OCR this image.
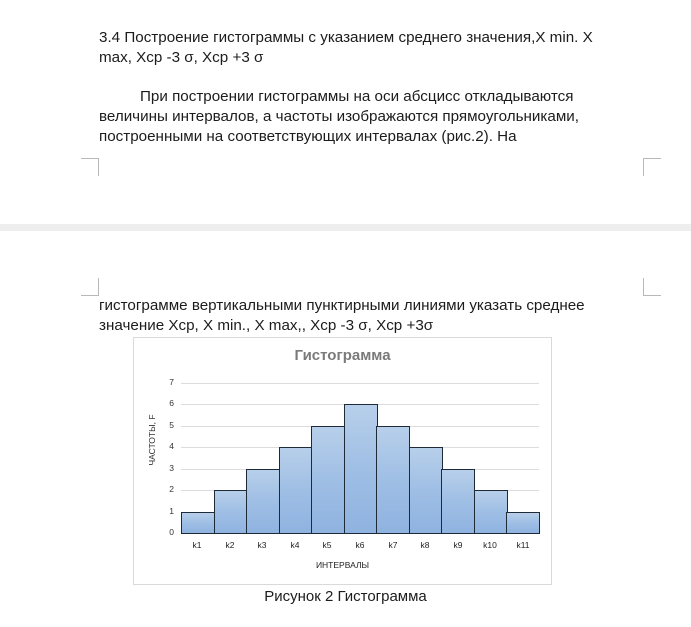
3.4 Построение гистограммы с указанием среднего значения,X min. X
max, Xcp -3 σ, Xcp +3 σ
При построении гистограммы на оси абсцисс откладываются
величины интервалов, а частоты изображаются прямоугольниками,
построенными на соответствующих интервалах (рис.2). На
гистограмме вертикальными пунктирными линиями указать среднее
значение Xcp, X min., X max,, Xcp -3 σ, Xcp +3σ
Гистограмма
ЧАСТОТЫ, F
ИНТЕРВАЛЫ
0
1
2
3
4
5
6
7
k1	k2	k3	k4	k5	k6	k7	k8	k9	k10	k11
Рисунок 2 Гистограмма
